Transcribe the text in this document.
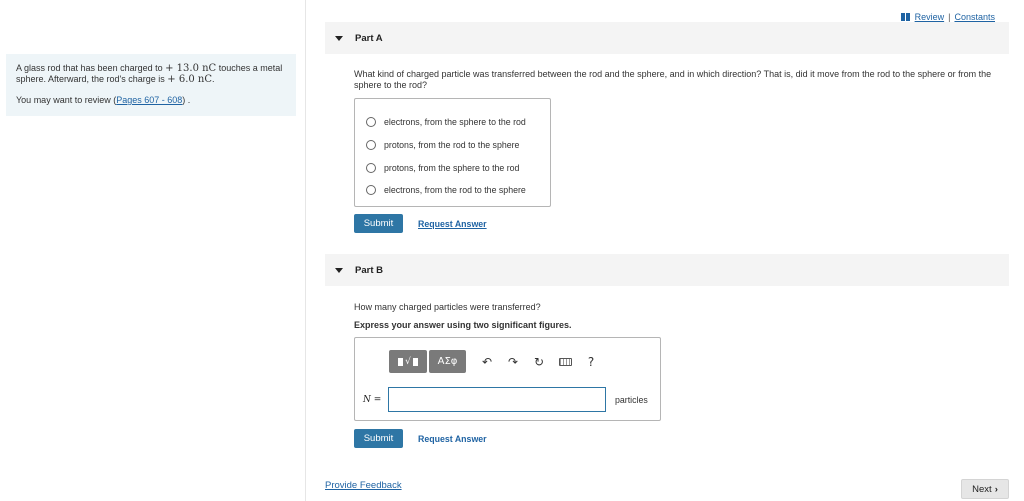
A glass rod that has been charged to + 13.0 nC touches a metal
sphere. Afterward, the rod's charge is + 6.0 nC.
You may want to review (Pages 607 - 608) .
Review | Constants
Part A
What kind of charged particle was transferred between the rod and the sphere, and in which direction? That is, did it move from the rod to the sphere or from the sphere to the rod?
electrons, from the sphere to the rod
protons, from the rod to the sphere
protons, from the sphere to the rod
electrons, from the rod to the sphere
Submit	Request Answer
Part B
How many charged particles were transferred?
Express your answer using two significant figures.
√	ΑΣφ	↶	↷	↻	?
N =	particles
Submit	Request Answer
Provide Feedback	Next ›
